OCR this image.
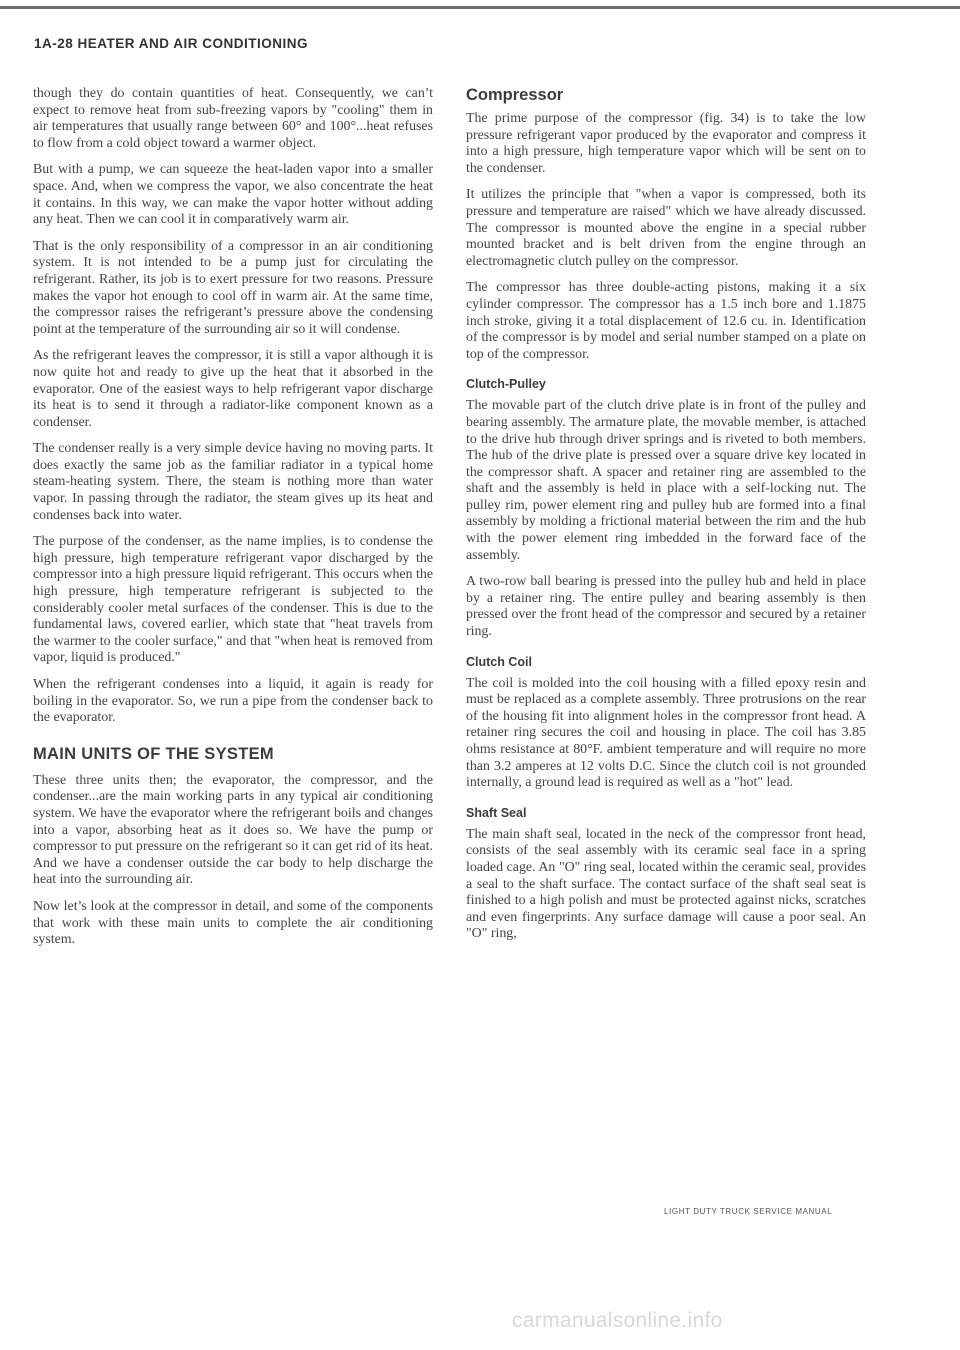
1A-28 HEATER AND AIR CONDITIONING

though they do contain quantities of heat. Consequently, we can’t expect to remove heat from sub-freezing vapors by "cooling" them in air temperatures that usually range between 60° and 100°...heat refuses to flow from a cold object toward a warmer object.

But with a pump, we can squeeze the heat-laden vapor into a smaller space. And, when we compress the vapor, we also concentrate the heat it contains. In this way, we can make the vapor hotter without adding any heat. Then we can cool it in comparatively warm air.

That is the only responsibility of a compressor in an air conditioning system. It is not intended to be a pump just for circulating the refrigerant. Rather, its job is to exert pressure for two reasons. Pressure makes the vapor hot enough to cool off in warm air. At the same time, the compressor raises the refrigerant’s pressure above the condensing point at the temperature of the surrounding air so it will condense.

As the refrigerant leaves the compressor, it is still a vapor although it is now quite hot and ready to give up the heat that it absorbed in the evaporator. One of the easiest ways to help refrigerant vapor discharge its heat is to send it through a radiator-like component known as a condenser.

The condenser really is a very simple device having no moving parts. It does exactly the same job as the familiar radiator in a typical home steam-heating system. There, the steam is nothing more than water vapor. In passing through the radiator, the steam gives up its heat and condenses back into water.

The purpose of the condenser, as the name implies, is to condense the high pressure, high temperature refrigerant vapor discharged by the compressor into a high pressure liquid refrigerant. This occurs when the high pressure, high temperature refrigerant is subjected to the considerably cooler metal surfaces of the condenser. This is due to the fundamental laws, covered earlier, which state that "heat travels from the warmer to the cooler surface," and that "when heat is removed from vapor, liquid is produced."

When the refrigerant condenses into a liquid, it again is ready for boiling in the evaporator. So, we run a pipe from the condenser back to the evaporator.

MAIN UNITS OF THE SYSTEM

These three units then; the evaporator, the compressor, and the condenser...are the main working parts in any typical air conditioning system. We have the evaporator where the refrigerant boils and changes into a vapor, absorbing heat as it does so. We have the pump or compressor to put pressure on the refrigerant so it can get rid of its heat. And we have a condenser outside the car body to help discharge the heat into the surrounding air.

Now let’s look at the compressor in detail, and some of the components that work with these main units to complete the air conditioning system.

Compressor

The prime purpose of the compressor (fig. 34) is to take the low pressure refrigerant vapor produced by the evaporator and compress it into a high pressure, high temperature vapor which will be sent on to the condenser.

It utilizes the principle that "when a vapor is compressed, both its pressure and temperature are raised" which we have already discussed. The compressor is mounted above the engine in a special rubber mounted bracket and is belt driven from the engine through an electromagnetic clutch pulley on the compressor.

The compressor has three double-acting pistons, making it a six cylinder compressor. The compressor has a 1.5 inch bore and 1.1875 inch stroke, giving it a total displacement of 12.6 cu. in. Identification of the compressor is by model and serial number stamped on a plate on top of the compressor.

Clutch-Pulley

The movable part of the clutch drive plate is in front of the pulley and bearing assembly. The armature plate, the movable member, is attached to the drive hub through driver springs and is riveted to both members. The hub of the drive plate is pressed over a square drive key located in the compressor shaft. A spacer and retainer ring are assembled to the shaft and the assembly is held in place with a self-locking nut. The pulley rim, power element ring and pulley hub are formed into a final assembly by molding a frictional material between the rim and the hub with the power element ring imbedded in the forward face of the assembly.

A two-row ball bearing is pressed into the pulley hub and held in place by a retainer ring. The entire pulley and bearing assembly is then pressed over the front head of the compressor and secured by a retainer ring.

Clutch Coil

The coil is molded into the coil housing with a filled epoxy resin and must be replaced as a complete assembly. Three protrusions on the rear of the housing fit into alignment holes in the compressor front head. A retainer ring secures the coil and housing in place. The coil has 3.85 ohms resistance at 80°F. ambient temperature and will require no more than 3.2 amperes at 12 volts D.C. Since the clutch coil is not grounded internally, a ground lead is required as well as a "hot" lead.

Shaft Seal

The main shaft seal, located in the neck of the compressor front head, consists of the seal assembly with its ceramic seal face in a spring loaded cage. An "O" ring seal, located within the ceramic seal, provides a seal to the shaft surface. The contact surface of the shaft seal seat is finished to a high polish and must be protected against nicks, scratches and even fingerprints. Any surface damage will cause a poor seal. An "O" ring,

LIGHT DUTY TRUCK SERVICE MANUAL
carmanualsonline.info
